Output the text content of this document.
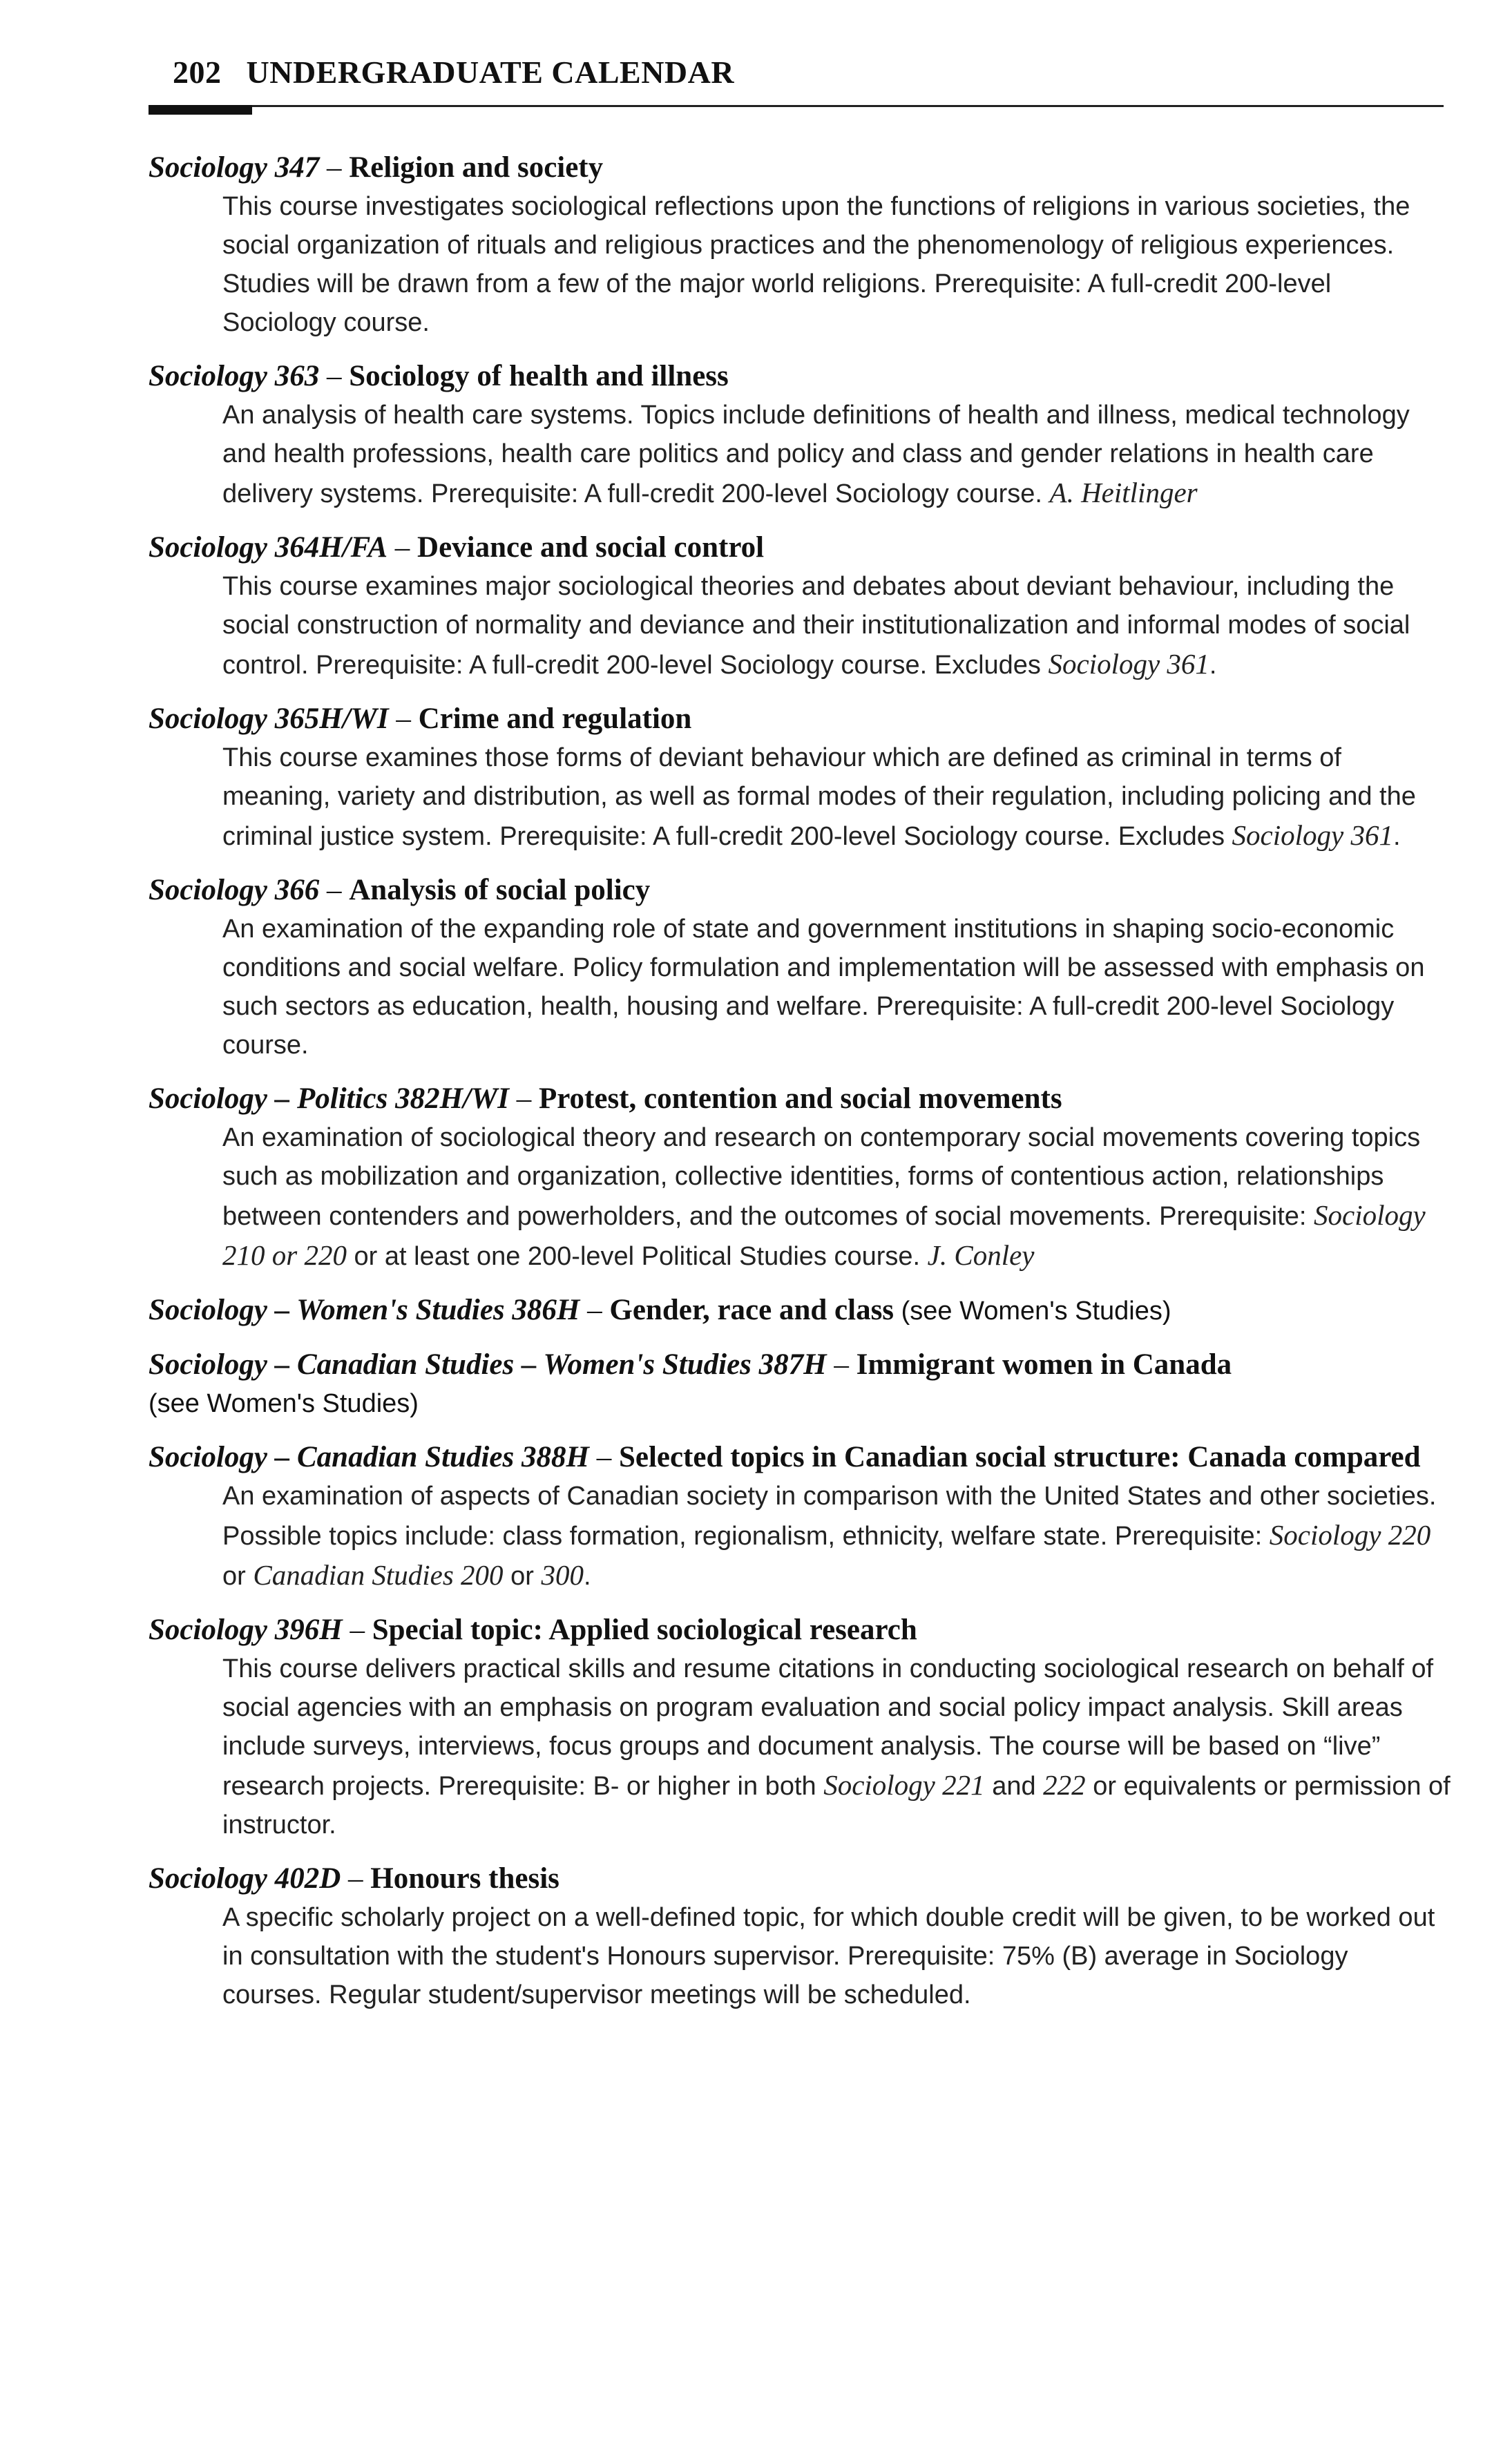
202 UNDERGRADUATE CALENDAR
Sociology 347 – Religion and society
This course investigates sociological reflections upon the functions of religions in various societies, the social organization of rituals and religious practices and the phenomenology of religious experiences. Studies will be drawn from a few of the major world religions. Prerequisite: A full-credit 200-level Sociology course.
Sociology 363 – Sociology of health and illness
An analysis of health care systems. Topics include definitions of health and illness, medical technology and health professions, health care politics and policy and class and gender relations in health care delivery systems. Prerequisite: A full-credit 200-level Sociology course. A. Heitlinger
Sociology 364H/FA – Deviance and social control
This course examines major sociological theories and debates about deviant behaviour, including the social construction of normality and deviance and their institutionalization and informal modes of social control. Prerequisite: A full-credit 200-level Sociology course. Excludes Sociology 361.
Sociology 365H/WI – Crime and regulation
This course examines those forms of deviant behaviour which are defined as criminal in terms of meaning, variety and distribution, as well as formal modes of their regulation, including policing and the criminal justice system. Prerequisite: A full-credit 200-level Sociology course. Excludes Sociology 361.
Sociology 366 – Analysis of social policy
An examination of the expanding role of state and government institutions in shaping socio-economic conditions and social welfare. Policy formulation and implementation will be assessed with emphasis on such sectors as education, health, housing and welfare. Prerequisite: A full-credit 200-level Sociology course.
Sociology – Politics 382H/WI – Protest, contention and social movements
An examination of sociological theory and research on contemporary social movements covering topics such as mobilization and organization, collective identities, forms of contentious action, relationships between contenders and powerholders, and the outcomes of social movements. Prerequisite: Sociology 210 or 220 or at least one 200-level Political Studies course. J. Conley
Sociology – Women's Studies 386H – Gender, race and class (see Women's Studies)
Sociology – Canadian Studies – Women's Studies 387H – Immigrant women in Canada
(see Women's Studies)
Sociology – Canadian Studies 388H – Selected topics in Canadian social structure: Canada compared
An examination of aspects of Canadian society in comparison with the United States and other societies. Possible topics include: class formation, regionalism, ethnicity, welfare state. Prerequisite: Sociology 220 or Canadian Studies 200 or 300.
Sociology 396H – Special topic: Applied sociological research
This course delivers practical skills and resume citations in conducting sociological research on behalf of social agencies with an emphasis on program evaluation and social policy impact analysis. Skill areas include surveys, interviews, focus groups and document analysis. The course will be based on “live” research projects. Prerequisite: B- or higher in both Sociology 221 and 222 or equivalents or permission of instructor.
Sociology 402D – Honours thesis
A specific scholarly project on a well-defined topic, for which double credit will be given, to be worked out in consultation with the student's Honours supervisor. Prerequisite: 75% (B) average in Sociology courses. Regular student/supervisor meetings will be scheduled.
